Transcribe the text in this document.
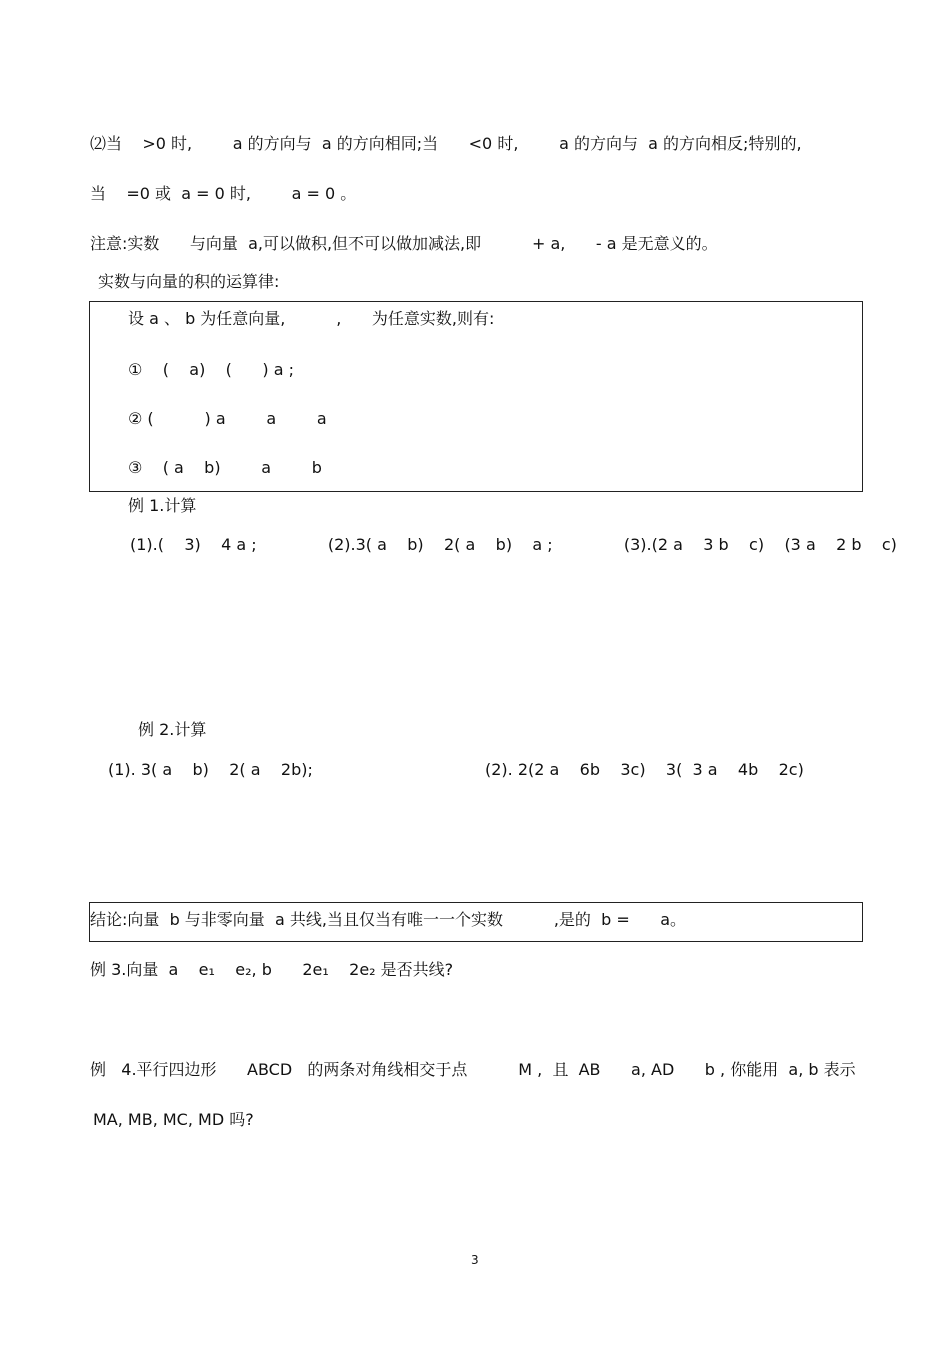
⑵当    >0 时,        a 的方向与  a 的方向相同;当      <0 时,        a 的方向与  a 的方向相反;特别的,
当    =0 或  a = 0 时,        a = 0 。
注意:实数      与向量  a,可以做积,但不可以做加减法,即          + a,      - a 是无意义的。
实数与向量的积的运算律:
设 a 、 b 为任意向量,          ,      为任意实数,则有:
①    (    a)    (      ) a ;
② (          ) a        a        a
③    ( a    b)        a        b
例 1.计算
(1).(    3)    4 a ;              (2).3( a    b)    2( a    b)    a ;              (3).(2 a    3 b    c)    (3 a    2 b    c)
例 2.计算
(1). 3( a    b)    2( a    2b);	(2). 2(2 a    6b    3c)    3(  3 a    4b    2c)
结论:向量  b 与非零向量  a 共线,当且仅当有唯一一个实数          ,是的  b =      a。
例 3.向量  a    e₁    e₂, b      2e₁    2e₂ 是否共线?
例   4.平行四边形      ABCD   的两条对角线相交于点          M ,  且  AB      a, AD      b , 你能用  a, b 表示
MA, MB, MC, MD 吗?
3
